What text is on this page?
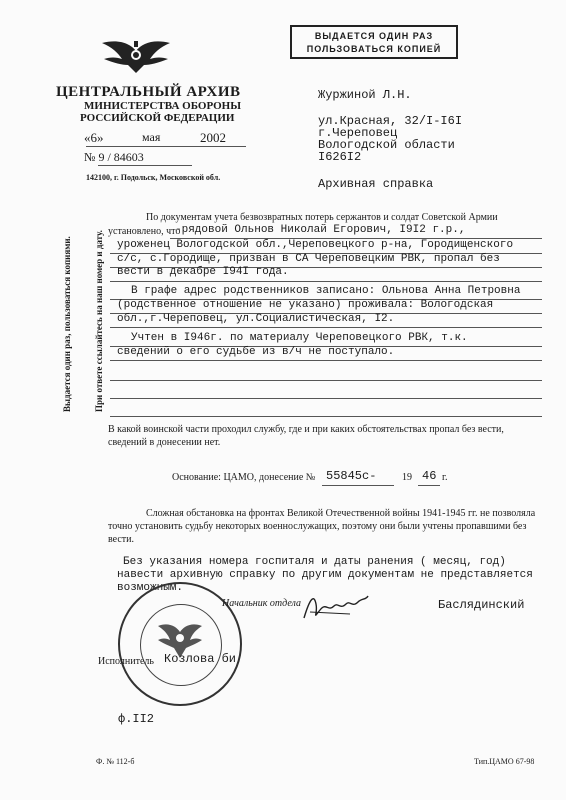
ВЫДАЕТСЯ ОДИН РАЗ
ПОЛЬЗОВАТЬСЯ КОПИЕЙ
ЦЕНТРАЛЬНЫЙ АРХИВ
МИНИСТЕРСТВА ОБОРОНЫ
РОССИЙСКОЙ ФЕДЕРАЦИИ
«6»	мая	2002
№ 9 / 84603
142100, г. Подольск, Московской обл.
Выдается один раз, пользоваться копиями. При ответе ссылайтесь на наш номер и дату.
Журжиной Л.Н.
ул.Красная, 32/I-I6I
г.Череповец
Вологодской области
I626I2
Архивная справка
По документам учета безвозвратных потерь сержантов и солдат Советской Армии
установлено, что
-рядовой Ольнов Николай Егорович, I9I2 г.р.,
уроженец Вологодской обл.,Череповецкого р-на, Городищенского
с/с, с.Городище, призван в СА Череповецким РВК, пропал без
вести в декабре I94I года.
В графе адрес родственников записано: Ольнова Анна Петровна
(родственное отношение не указано) проживала: Вологодская
обл.,г.Череповец, ул.Социалистическая, I2.
Учтен в I946г. по материалу Череповецкого РВК, т.к.
сведений о его судьбе из в/ч не поступало.
В какой воинской части проходил службу, где и при каких обстоятельствах пропал без вести,
сведений в донесении нет.
Основание: ЦАМО, донесение № 55845с-	19 46 г.
Сложная обстановка на фронтах Великой Отечественной войны 1941-1945 гг. не позволяла
точно установить судьбу некоторых военнослужащих, поэтому они были учтены пропавшими без
вести.
Без указания номера госпиталя и даты ранения ( месяц, год)
навести архивную справку по другим документам не представляется
возможным.
Начальник отдела	Баслядинский
Исполнитель Козлова би
ф.II2
Ф. № 112-б	Тип.ЦАМО 67-98
